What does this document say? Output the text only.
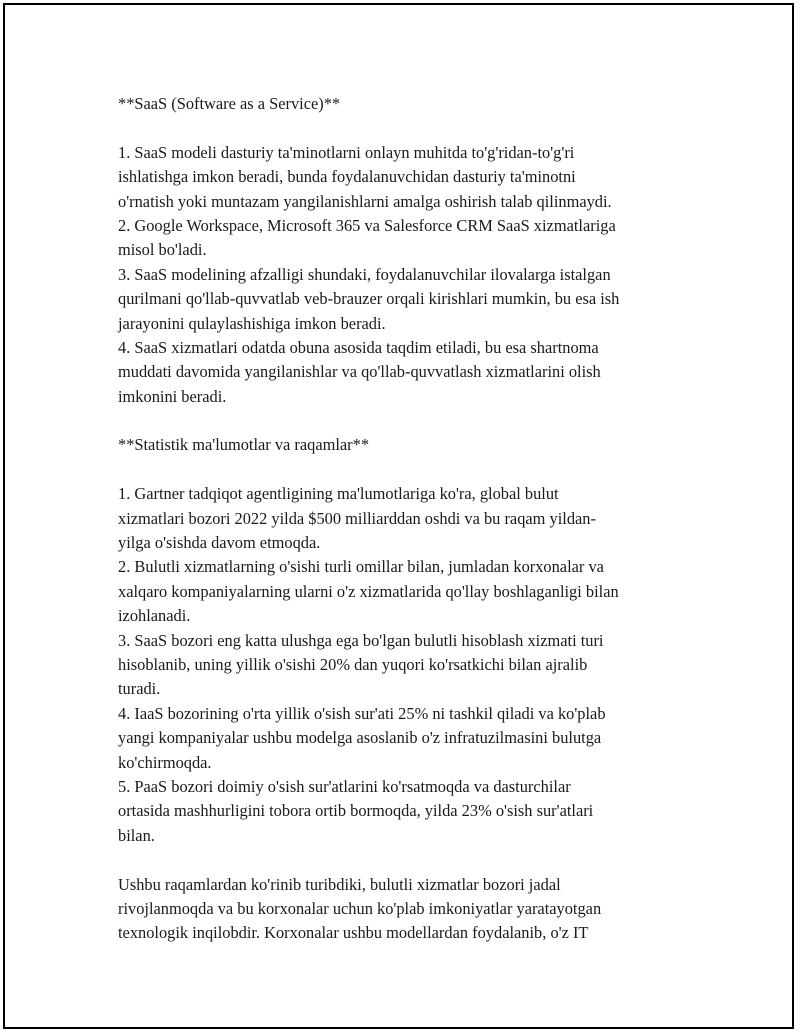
**SaaS (Software as a Service)**
1. SaaS modeli dasturiy ta'minotlarni onlayn muhitda to'g'ridan-to'g'ri
ishlatishga imkon beradi, bunda foydalanuvchidan dasturiy ta'minotni
o'rnatish yoki muntazam yangilanishlarni amalga oshirish talab qilinmaydi.
2. Google Workspace, Microsoft 365 va Salesforce CRM SaaS xizmatlariga
misol bo'ladi.
3. SaaS modelining afzalligi shundaki, foydalanuvchilar ilovalarga istalgan
qurilmani qo'llab-quvvatlab veb-brauzer orqali kirishlari mumkin, bu esa ish
jarayonini qulaylashishiga imkon beradi.
4. SaaS xizmatlari odatda obuna asosida taqdim etiladi, bu esa shartnoma
muddati davomida yangilanishlar va qo'llab-quvvatlash xizmatlarini olish
imkonini beradi.
**Statistik ma'lumotlar va raqamlar**
1. Gartner tadqiqot agentligining ma'lumotlariga ko'ra, global bulut
xizmatlari bozori 2022 yilda $500 milliarddan oshdi va bu raqam yildan-
yilga o'sishda davom etmoqda.
2. Bulutli xizmatlarning o'sishi turli omillar bilan, jumladan korxonalar va
xalqaro kompaniyalarning ularni o'z xizmatlarida qo'llay boshlaganligi bilan
izohlanadi.
3. SaaS bozori eng katta ulushga ega bo'lgan bulutli hisoblash xizmati turi
hisoblanib, uning yillik o'sishi 20% dan yuqori ko'rsatkichi bilan ajralib
turadi.
4. IaaS bozorining o'rta yillik o'sish sur'ati 25% ni tashkil qiladi va ko'plab
yangi kompaniyalar ushbu modelga asoslanib o'z infratuzilmasini bulutga
ko'chirmoqda.
5. PaaS bozori doimiy o'sish sur'atlarini ko'rsatmoqda va dasturchilar
ortasida mashhurligini tobora ortib bormoqda, yilda 23% o'sish sur'atlari
bilan.
Ushbu raqamlardan ko'rinib turibdiki, bulutli xizmatlar bozori jadal
rivojlanmoqda va bu korxonalar uchun ko'plab imkoniyatlar yaratayotgan
texnologik inqilobdir. Korxonalar ushbu modellardan foydalanib, o'z IT
